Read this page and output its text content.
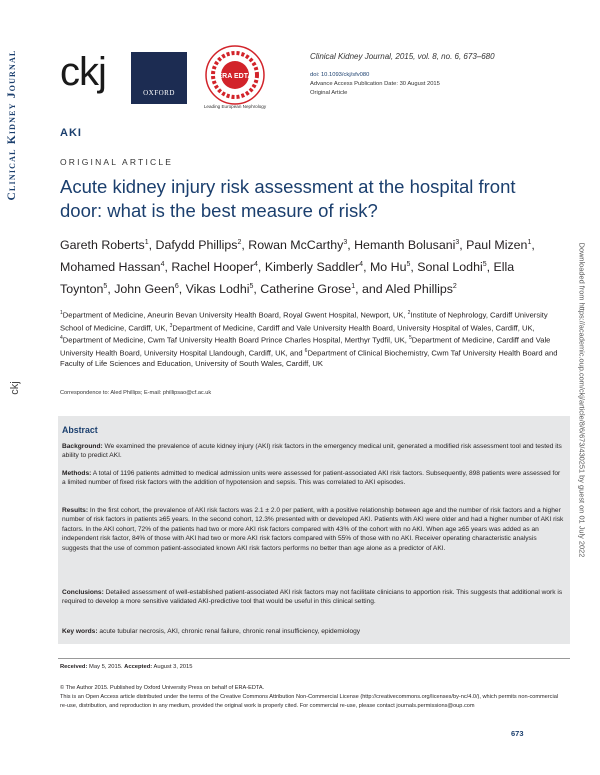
Clinical Kidney Journal
ckj	Downloaded from https://academic.oup.com/ckj/article/8/6/673/430251 by guest on 01 July 2022
ckj	OXFORD
ERA EDTA
Leading European Nephrology
Clinical Kidney Journal, 2015, vol. 8, no. 6, 673–680
doi: 10.1093/ckj/sfv080
Advance Access Publication Date: 30 August 2015
Original Article
AKI
ORIGINAL ARTICLE
Acute kidney injury risk assessment at the hospital front door: what is the best measure of risk?
Gareth Roberts$^1$, Dafydd Phillips$^2$, Rowan McCarthy$^3$, Hemanth Bolusani$^3$, Paul Mizen$^1$, Mohamed Hassan$^4$, Rachel Hooper$^4$, Kimberly Saddler$^4$, Mo Hu$^5$, Sonal Lodhi$^5$, Ella Toynton$^5$, John Geen$^6$, Vikas Lodhi$^5$, Catherine Grose$^1$, and Aled Phillips$^2$
$^1$Department of Medicine, Aneurin Bevan University Health Board, Royal Gwent Hospital, Newport, UK, $^2$Institute of Nephrology, Cardiff University School of Medicine, Cardiff, UK, $^3$Department of Medicine, Cardiff and Vale University Health Board, University Hospital of Wales, Cardiff, UK, $^4$Department of Medicine, Cwm Taf University Health Board Prince Charles Hospital, Merthyr Tydfil, UK, $^5$Department of Medicine, Cardiff and Vale University Health Board, University Hospital Llandough, Cardiff, UK, and $^6$Department of Clinical Biochemistry, Cwm Taf University Health Board and Faculty of Life Sciences and Education, University of South Wales, Cardiff, UK
Correspondence to: Aled Phillips; E-mail: phillipsao@cf.ac.uk
Abstract
Background: We examined the prevalence of acute kidney injury (AKI) risk factors in the emergency medical unit, generated a modified risk assessment tool and tested its ability to predict AKI.
Methods: A total of 1196 patients admitted to medical admission units were assessed for patient-associated AKI risk factors. Subsequently, 898 patients were assessed for a limited number of fixed risk factors with the addition of hypotension and sepsis. This was correlated to AKI episodes.
Results: In the first cohort, the prevalence of AKI risk factors was 2.1 ± 2.0 per patient, with a positive relationship between age and the number of risk factors and a higher number of risk factors in patients ≥65 years. In the second cohort, 12.3% presented with or developed AKI. Patients with AKI were older and had a higher number of AKI risk factors. In the AKI cohort, 72% of the patients had two or more AKI risk factors compared with 43% of the cohort with no AKI. When age ≥65 years was added as an independent risk factor, 84% of those with AKI had two or more AKI risk factors compared with 55% of those with no AKI. Receiver operating characteristic analysis suggests that the use of common patient-associated known AKI risk factors performs no better than age alone as a predictor of AKI.
Conclusions: Detailed assessment of well-established patient-associated AKI risk factors may not facilitate clinicians to apportion risk. This suggests that additional work is required to develop a more sensitive validated AKI-predictive tool that would be useful in this clinical setting.
Key words: acute tubular necrosis, AKI, chronic renal failure, chronic renal insufficiency, epidemiology
Received: May 5, 2015. Accepted: August 3, 2015
© The Author 2015. Published by Oxford University Press on behalf of ERA-EDTA.
This is an Open Access article distributed under the terms of the Creative Commons Attribution Non-Commercial License (http://creativecommons.org/licenses/by-nc/4.0/), which permits non-commercial re-use, distribution, and reproduction in any medium, provided the original work is properly cited. For commercial re-use, please contact journals.permissions@oup.com
673
